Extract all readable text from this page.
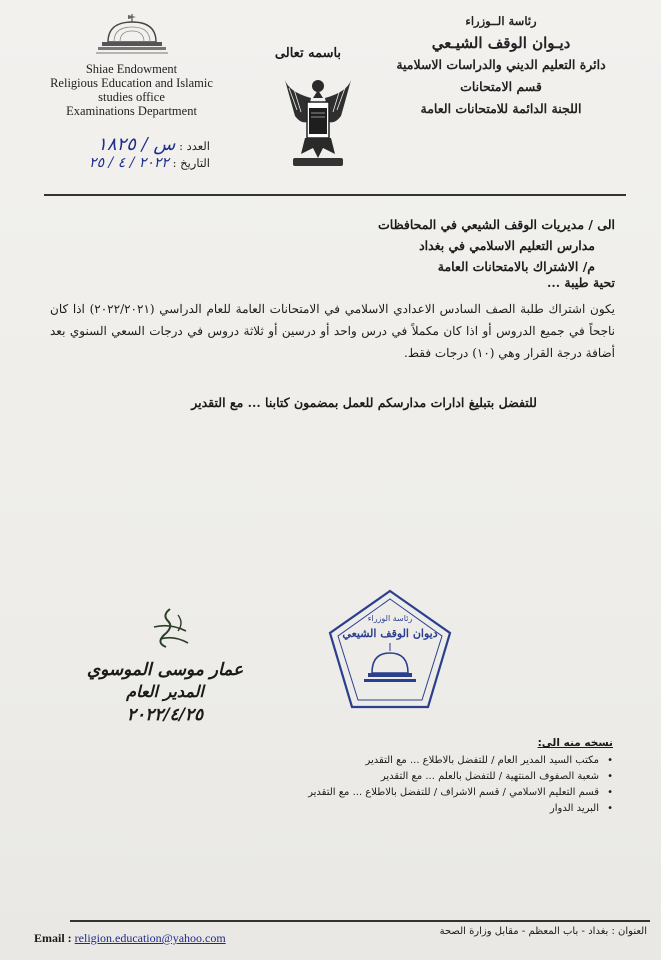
رئاسة الــوزراء
ديـوان الوقف الشيـعي
دائرة التعليم الديني والدراسات الاسلامية
قسم الامتحانات
اللجنة الدائمة للامتحانات العامة
Shiae Endowment
Religious Education and Islamic
studies office
Examinations Department
باسمه تعالى
العدد : س / ١٨٢٥
التاريخ : ٢٠٢٢ / ٤ / ٢٥
الى / مديريات الوقف الشيعي في المحافظات
مدارس التعليم الاسلامي في بغداد
م/ الاشتراك بالامتحانات العامة
تحية طيبة ...
يكون اشتراك طلبة الصف السادس الاعدادي الاسلامي في الامتحانات العامة للعام الدراسي (٢٠٢٢/٢٠٢١) اذا كان ناجحاً في جميع الدروس أو اذا كان مكملاً في درس واحد أو درسين أو ثلاثة دروس في درجات السعي السنوي بعد أضافة درجة القرار وهي (١٠) درجات فقط.
للتفضل بتبليغ ادارات مدارسكم للعمل بمضمون كتابنا ... مع التقدير
عمار موسى الموسوي
المدير العام
٢٠٢٢/٤/٢٥
رئاسة الوزراء
ديوان الوقف الشيعي
نسخه منه الى:
• مكتب السيد المدير العام / للتفضل بالاطلاع ... مع التقدير
• شعبة الصفوف المنتهية / للتفضل بالعلم ... مع التقدير
• قسم التعليم الاسلامي / قسم الاشراف / للتفضل بالاطلاع ... مع التقدير
• البريد الدوار
العنوان : بغداد - باب المعظم - مقابل وزارة الصحة
Email : religion.education@yahoo.com
